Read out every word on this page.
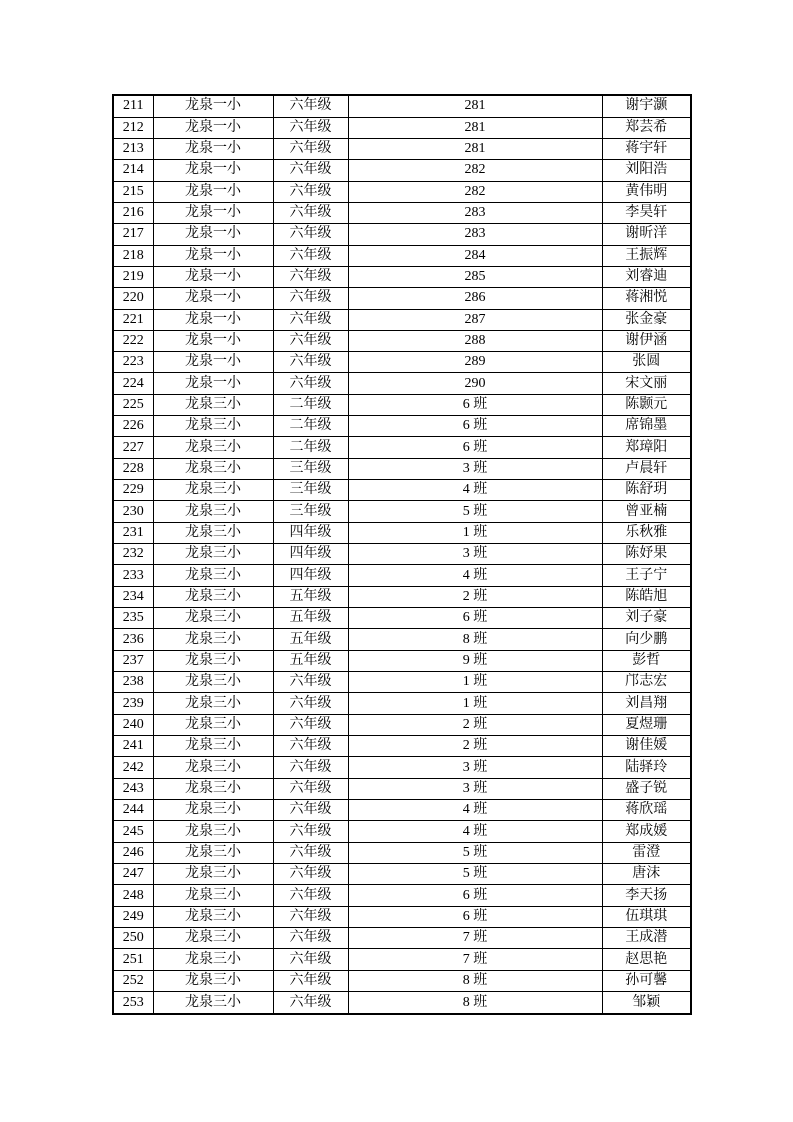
211	龙泉一小	六年级	281	谢宇灏
212	龙泉一小	六年级	281	郑芸希
213	龙泉一小	六年级	281	蒋宇轩
214	龙泉一小	六年级	282	刘阳浩
215	龙泉一小	六年级	282	黄伟明
216	龙泉一小	六年级	283	李昊轩
217	龙泉一小	六年级	283	谢昕洋
218	龙泉一小	六年级	284	王振辉
219	龙泉一小	六年级	285	刘睿迪
220	龙泉一小	六年级	286	蒋湘悦
221	龙泉一小	六年级	287	张金豪
222	龙泉一小	六年级	288	谢伊涵
223	龙泉一小	六年级	289	张圆
224	龙泉一小	六年级	290	宋文丽
225	龙泉三小	二年级	6 班	陈颢元
226	龙泉三小	二年级	6 班	席锦墨
227	龙泉三小	二年级	6 班	郑璋阳
228	龙泉三小	三年级	3 班	卢晨轩
229	龙泉三小	三年级	4 班	陈舒玥
230	龙泉三小	三年级	5 班	曾亚楠
231	龙泉三小	四年级	1 班	乐秋雅
232	龙泉三小	四年级	3 班	陈妤果
233	龙泉三小	四年级	4 班	王子宁
234	龙泉三小	五年级	2 班	陈皓旭
235	龙泉三小	五年级	6 班	刘子豪
236	龙泉三小	五年级	8 班	向少鹏
237	龙泉三小	五年级	9 班	彭哲
238	龙泉三小	六年级	1 班	邝志宏
239	龙泉三小	六年级	1 班	刘昌翔
240	龙泉三小	六年级	2 班	夏煜珊
241	龙泉三小	六年级	2 班	谢佳媛
242	龙泉三小	六年级	3 班	陆驿玲
243	龙泉三小	六年级	3 班	盛子锐
244	龙泉三小	六年级	4 班	蒋欣瑶
245	龙泉三小	六年级	4 班	郑成媛
246	龙泉三小	六年级	5 班	雷澄
247	龙泉三小	六年级	5 班	唐沫
248	龙泉三小	六年级	6 班	李天扬
249	龙泉三小	六年级	6 班	伍琪琪
250	龙泉三小	六年级	7 班	王成潜
251	龙泉三小	六年级	7 班	赵思艳
252	龙泉三小	六年级	8 班	孙可馨
253	龙泉三小	六年级	8 班	邹颖
